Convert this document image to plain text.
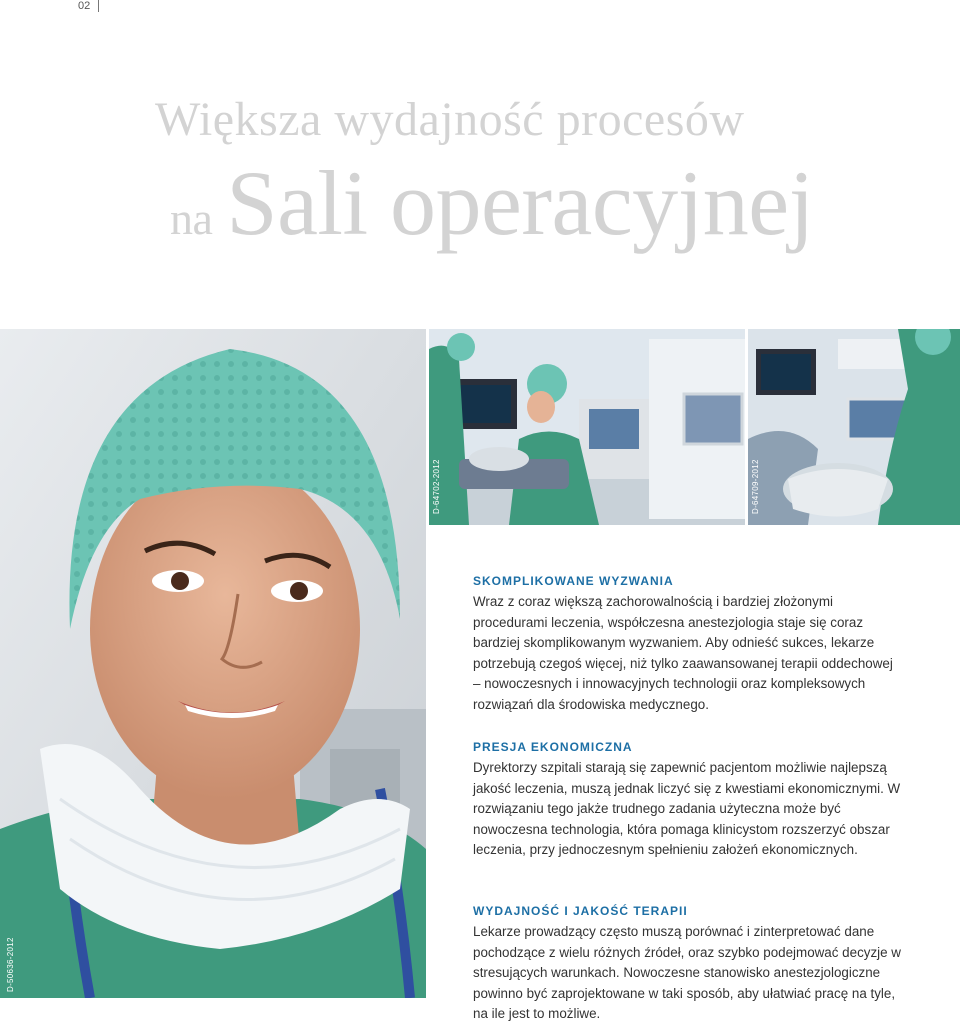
02
Większa wydajność procesów
na Sali operacyjnej
D-50636-2012
D-64702-2012	D-64709-2012
SKOMPLIKOWANE WYZWANIA

Wraz z coraz większą zachorowalnością i bardziej złożonymi procedurami leczenia, współczesna anestezjologia staje się coraz bardziej skomplikowanym wyzwaniem. Aby odnieść sukces, lekarze potrzebują czegoś więcej, niż tylko zaawansowanej terapii oddechowej – nowoczesnych i innowacyjnych technologii oraz kompleksowych rozwiązań dla środowiska medycznego.

PRESJA EKONOMICZNA

Dyrektorzy szpitali starają się zapewnić pacjentom możliwie najlepszą jakość leczenia, muszą jednak liczyć się z kwestiami ekonomicznymi. W rozwiązaniu tego jakże trudnego zadania użyteczna może być nowoczesna technologia, która pomaga klinicystom rozszerzyć obszar leczenia, przy jednoczesnym spełnieniu założeń ekonomicznych.

WYDAJNOŚĆ I JAKOŚĆ TERAPII

Lekarze prowadzący często muszą porównać i zinterpretować dane pochodzące z wielu różnych źródeł, oraz szybko podejmować decyzje w stresujących warunkach. Nowoczesne stanowisko anestezjologiczne powinno być zaprojektowane w taki sposób, aby ułatwiać pracę na tyle, na ile jest to możliwe.
